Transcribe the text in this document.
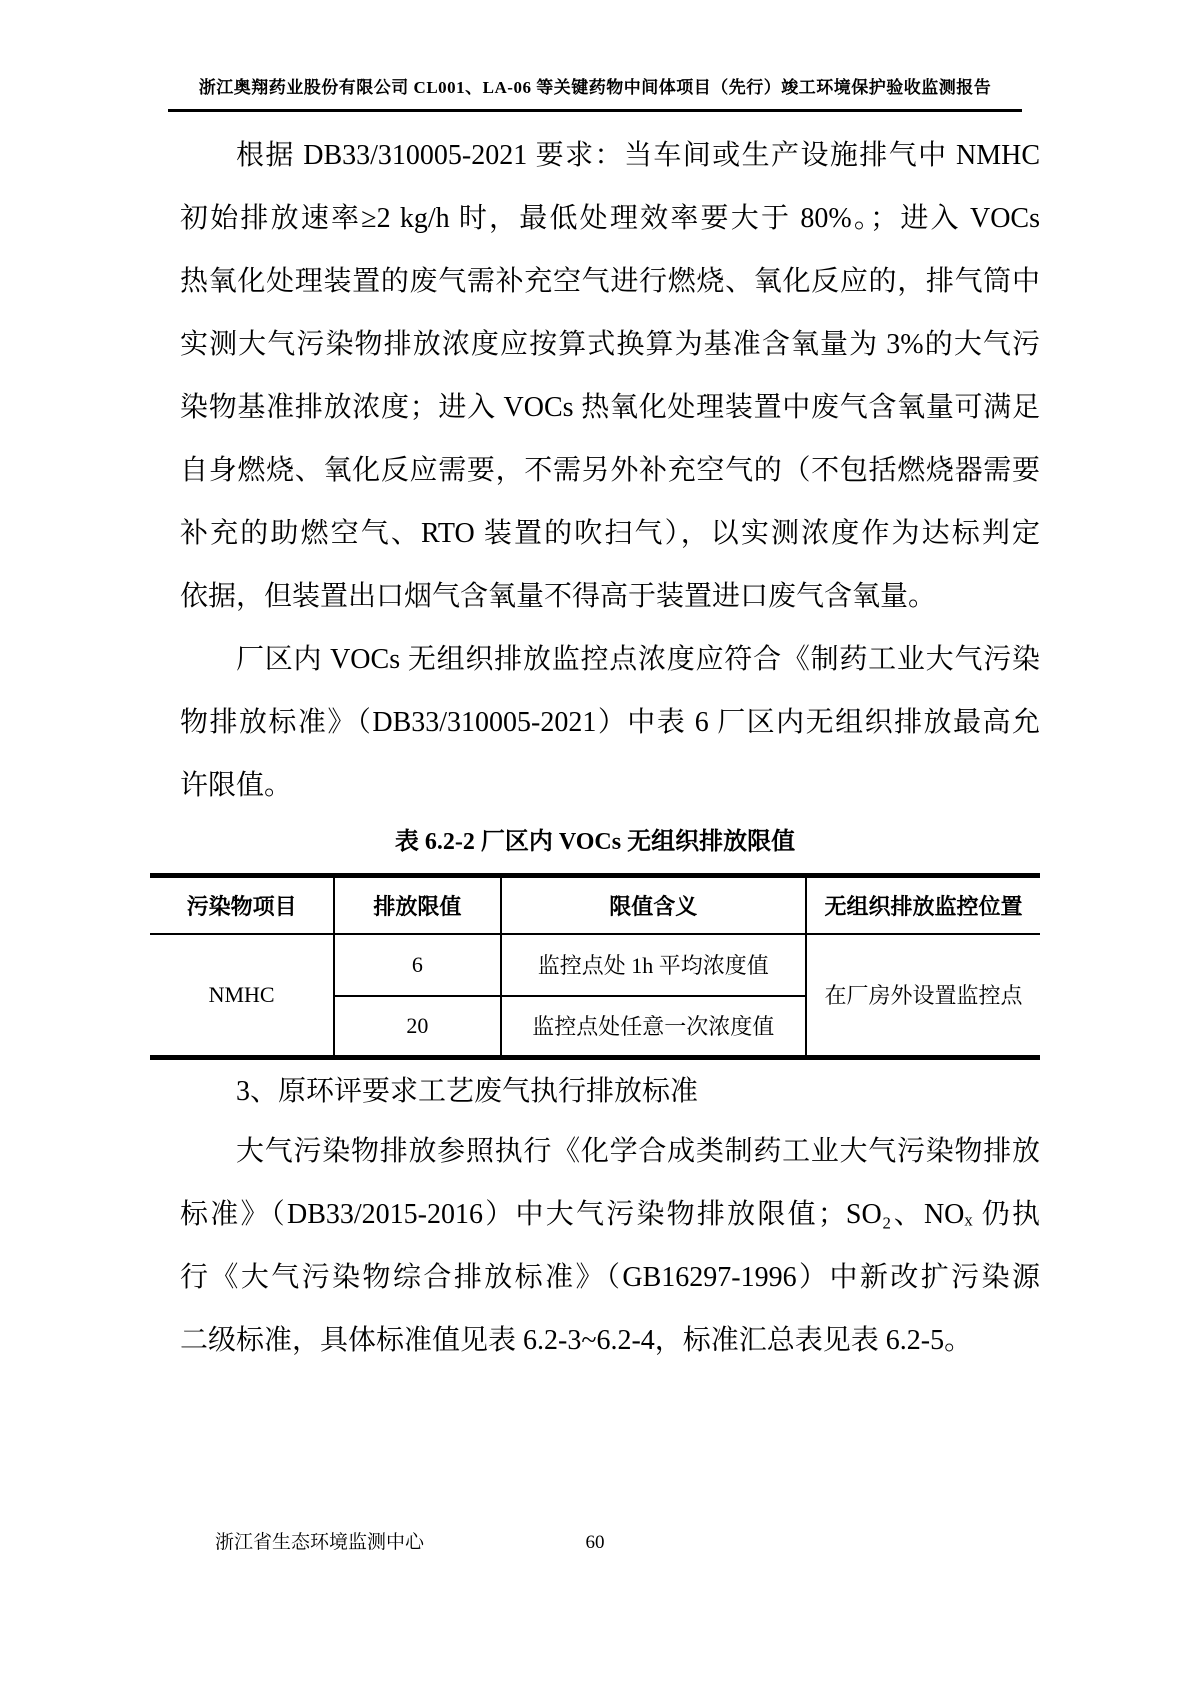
浙江奥翔药业股份有限公司 CL001、LA-06 等关键药物中间体项目（先行）竣工环境保护验收监测报告
根据 DB33/310005-2021 要求：当车间或生产设施排气中 NMHC
初始排放速率≥2 kg/h 时，最低处理效率要大于 80%。；进入 VOCs
热氧化处理装置的废气需补充空气进行燃烧、氧化反应的，排气筒中
实测大气污染物排放浓度应按算式换算为基准含氧量为 3%的大气污
染物基准排放浓度；进入 VOCs 热氧化处理装置中废气含氧量可满足
自身燃烧、氧化反应需要，不需另外补充空气的（不包括燃烧器需要
补充的助燃空气、RTO 装置的吹扫气），以实测浓度作为达标判定
依据，但装置出口烟气含氧量不得高于装置进口废气含氧量。
厂区内 VOCs 无组织排放监控点浓度应符合《制药工业大气污染
物排放标准》（DB33/310005-2021）中表 6 厂区内无组织排放最高允
许限值。
表 6.2-2 厂区内 VOCs 无组织排放限值
污染物项目	排放限值	限值含义	无组织排放监控位置
NMHC	6	监控点处 1h 平均浓度值	在厂房外设置监控点
	20	监控点处任意一次浓度值	
3、原环评要求工艺废气执行排放标准
大气污染物排放参照执行《化学合成类制药工业大气污染物排放
标准》（DB33/2015-2016）中大气污染物排放限值；SO₂、NOₓ 仍执
行《大气污染物综合排放标准》（GB16297-1996）中新改扩污染源
二级标准，具体标准值见表 6.2-3~6.2-4，标准汇总表见表 6.2-5。
浙江省生态环境监测中心	60
